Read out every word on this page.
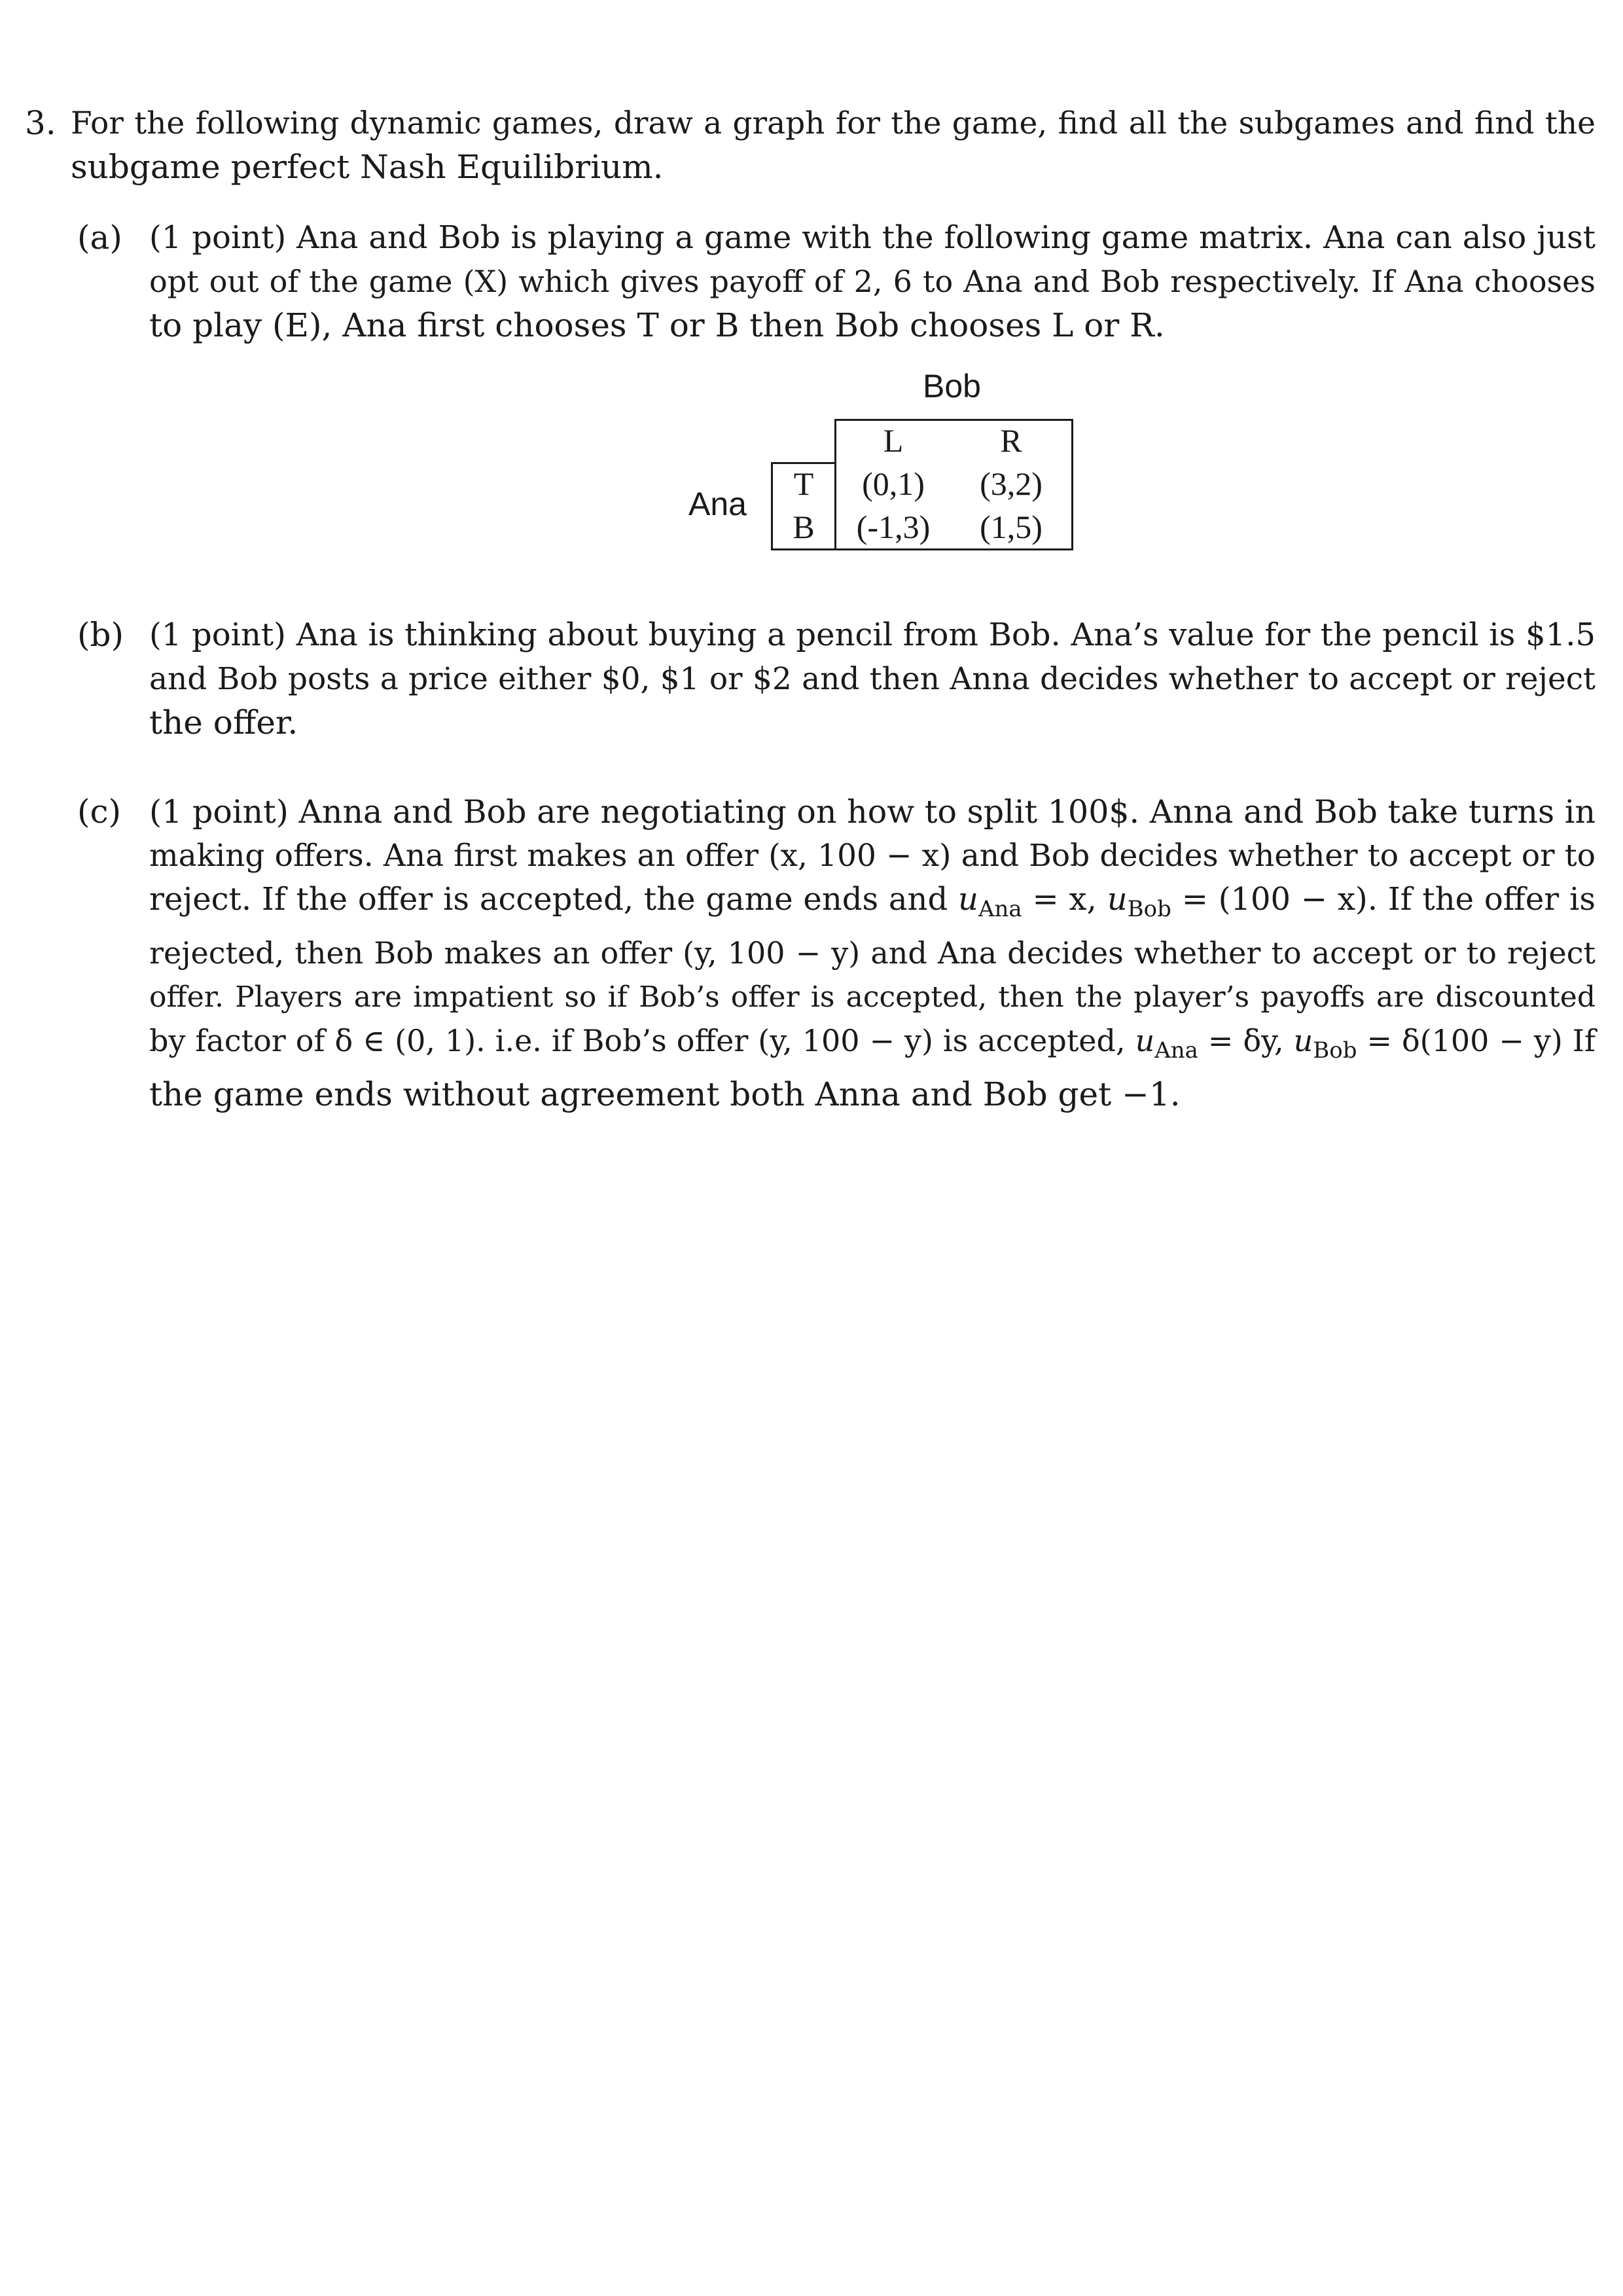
3. For the following dynamic games, draw a graph for the game, find all the subgames and find the
subgame perfect Nash Equilibrium.
(a) (1 point) Ana and Bob is playing a game with the following game matrix. Ana can also just
opt out of the game (X) which gives payoff of 2, 6 to Ana and Bob respectively. If Ana chooses
to play (E), Ana first chooses T or B then Bob chooses L or R.
Bob
Ana
L	R
T	(0,1)	(3,2)
B	(-1,3)	(1,5)
(b) (1 point) Ana is thinking about buying a pencil from Bob. Ana’s value for the pencil is $1.5
and Bob posts a price either $0, $1 or $2 and then Anna decides whether to accept or reject
the offer.
(c) (1 point) Anna and Bob are negotiating on how to split 100$. Anna and Bob take turns in
making offers. Ana first makes an offer (x, 100 − x) and Bob decides whether to accept or to
reject. If the offer is accepted, the game ends and $u_{Ana} = x$, $u_{Bob} = (100 - x)$. If the offer is
rejected, then Bob makes an offer (y, 100 − y) and Ana decides whether to accept or to reject
offer. Players are impatient so if Bob’s offer is accepted, then the player’s payoffs are discounted
by factor of δ ∈ (0, 1). i.e. if Bob’s offer (y, 100 − y) is accepted, $u_{Ana} = \delta y$, $u_{Bob} = \delta(100 - y)$ If
the game ends without agreement both Anna and Bob get −1.
